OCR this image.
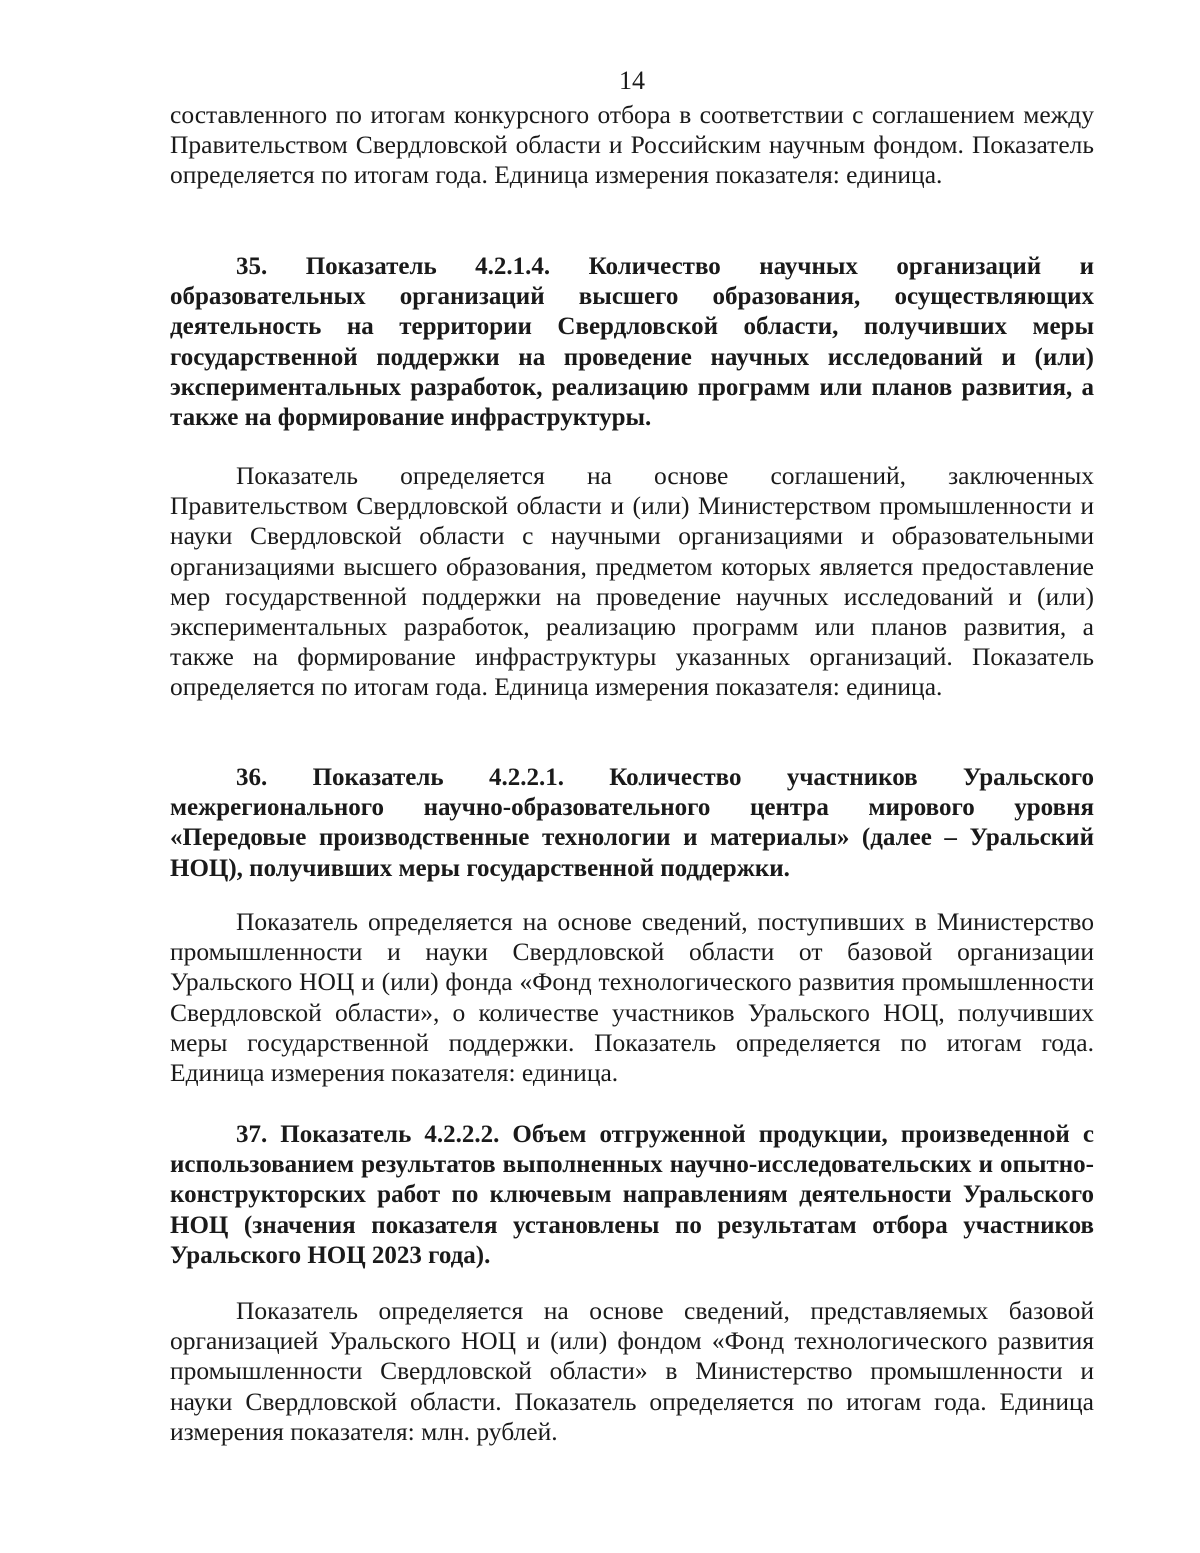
14

составленного по итогам конкурсного отбора в соответствии с соглашением между Правительством Свердловской области и Российским научным фондом. Показатель определяется по итогам года. Единица измерения показателя: единица.

35. Показатель 4.2.1.4. Количество научных организаций и образовательных организаций высшего образования, осуществляющих деятельность на территории Свердловской области, получивших меры государственной поддержки на проведение научных исследований и (или) экспериментальных разработок, реализацию программ или планов развития, а также на формирование инфраструктуры.

Показатель определяется на основе соглашений, заключенных Правительством Свердловской области и (или) Министерством промышленности и науки Свердловской области с научными организациями и образовательными организациями высшего образования, предметом которых является предоставление мер государственной поддержки на проведение научных исследований и (или) экспериментальных разработок, реализацию программ или планов развития, а также на формирование инфраструктуры указанных организаций. Показатель определяется по итогам года. Единица измерения показателя: единица.

36. Показатель 4.2.2.1. Количество участников Уральского межрегионального научно-образовательного центра мирового уровня «Передовые производственные технологии и материалы» (далее – Уральский НОЦ), получивших меры государственной поддержки.

Показатель определяется на основе сведений, поступивших в Министерство промышленности и науки Свердловской области от базовой организации Уральского НОЦ и (или) фонда «Фонд технологического развития промышленности Свердловской области», о количестве участников Уральского НОЦ, получивших меры государственной поддержки. Показатель определяется по итогам года. Единица измерения показателя: единица.

37. Показатель 4.2.2.2. Объем отгруженной продукции, произведенной с использованием результатов выполненных научно-исследовательских и опытно-конструкторских работ по ключевым направлениям деятельности Уральского НОЦ (значения показателя установлены по результатам отбора участников Уральского НОЦ 2023 года).

Показатель определяется на основе сведений, представляемых базовой организацией Уральского НОЦ и (или) фондом «Фонд технологического развития промышленности Свердловской области» в Министерство промышленности и науки Свердловской области. Показатель определяется по итогам года. Единица измерения показателя: млн. рублей.
